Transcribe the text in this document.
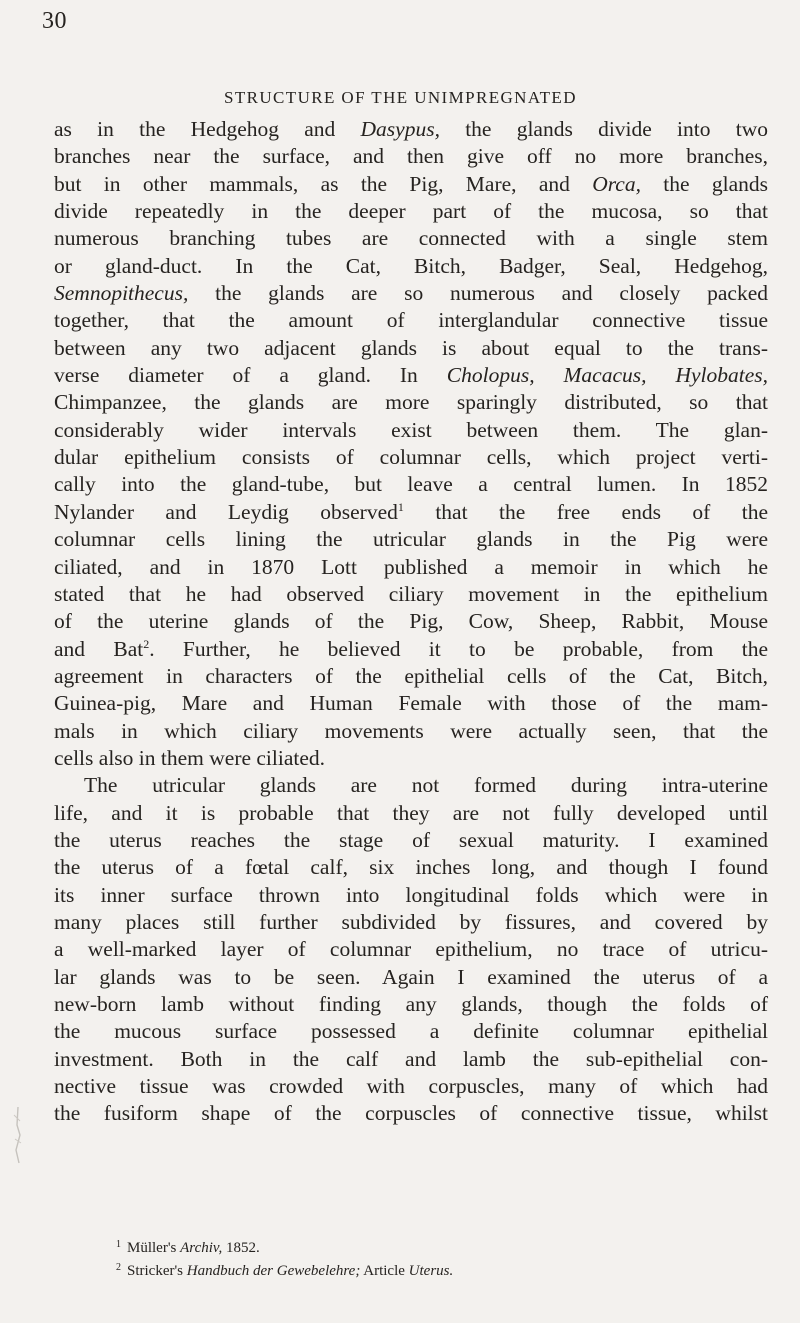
30
STRUCTURE OF THE UNIMPREGNATED
as in the Hedgehog and Dasypus, the glands divide into two
branches near the surface, and then give off no more branches,
but in other mammals, as the Pig, Mare, and Orca, the glands
divide repeatedly in the deeper part of the mucosa, so that
numerous branching tubes are connected with a single stem
or gland-duct. In the Cat, Bitch, Badger, Seal, Hedgehog,
Semnopithecus, the glands are so numerous and closely packed
together, that the amount of interglandular connective tissue
between any two adjacent glands is about equal to the trans-
verse diameter of a gland. In Cholopus, Macacus, Hylobates,
Chimpanzee, the glands are more sparingly distributed, so that
considerably wider intervals exist between them. The glan-
dular epithelium consists of columnar cells, which project verti-
cally into the gland-tube, but leave a central lumen. In 1852
Nylander and Leydig observed$^1$ that the free ends of the
columnar cells lining the utricular glands in the Pig were
ciliated, and in 1870 Lott published a memoir in which he
stated that he had observed ciliary movement in the epithelium
of the uterine glands of the Pig, Cow, Sheep, Rabbit, Mouse
and Bat$^2$. Further, he believed it to be probable, from the
agreement in characters of the epithelial cells of the Cat, Bitch,
Guinea-pig, Mare and Human Female with those of the mam-
mals in which ciliary movements were actually seen, that the
cells also in them were ciliated.
The utricular glands are not formed during intra-uterine
life, and it is probable that they are not fully developed until
the uterus reaches the stage of sexual maturity. I examined
the uterus of a fœtal calf, six inches long, and though I found
its inner surface thrown into longitudinal folds which were in
many places still further subdivided by fissures, and covered by
a well-marked layer of columnar epithelium, no trace of utricu-
lar glands was to be seen. Again I examined the uterus of a
new-born lamb without finding any glands, though the folds of
the mucous surface possessed a definite columnar epithelial
investment. Both in the calf and lamb the sub-epithelial con-
nective tissue was crowded with corpuscles, many of which had
the fusiform shape of the corpuscles of connective tissue, whilst
$^1$ Müller's Archiv, 1852.
$^2$ Stricker's Handbuch der Gewebelehre; Article Uterus.
